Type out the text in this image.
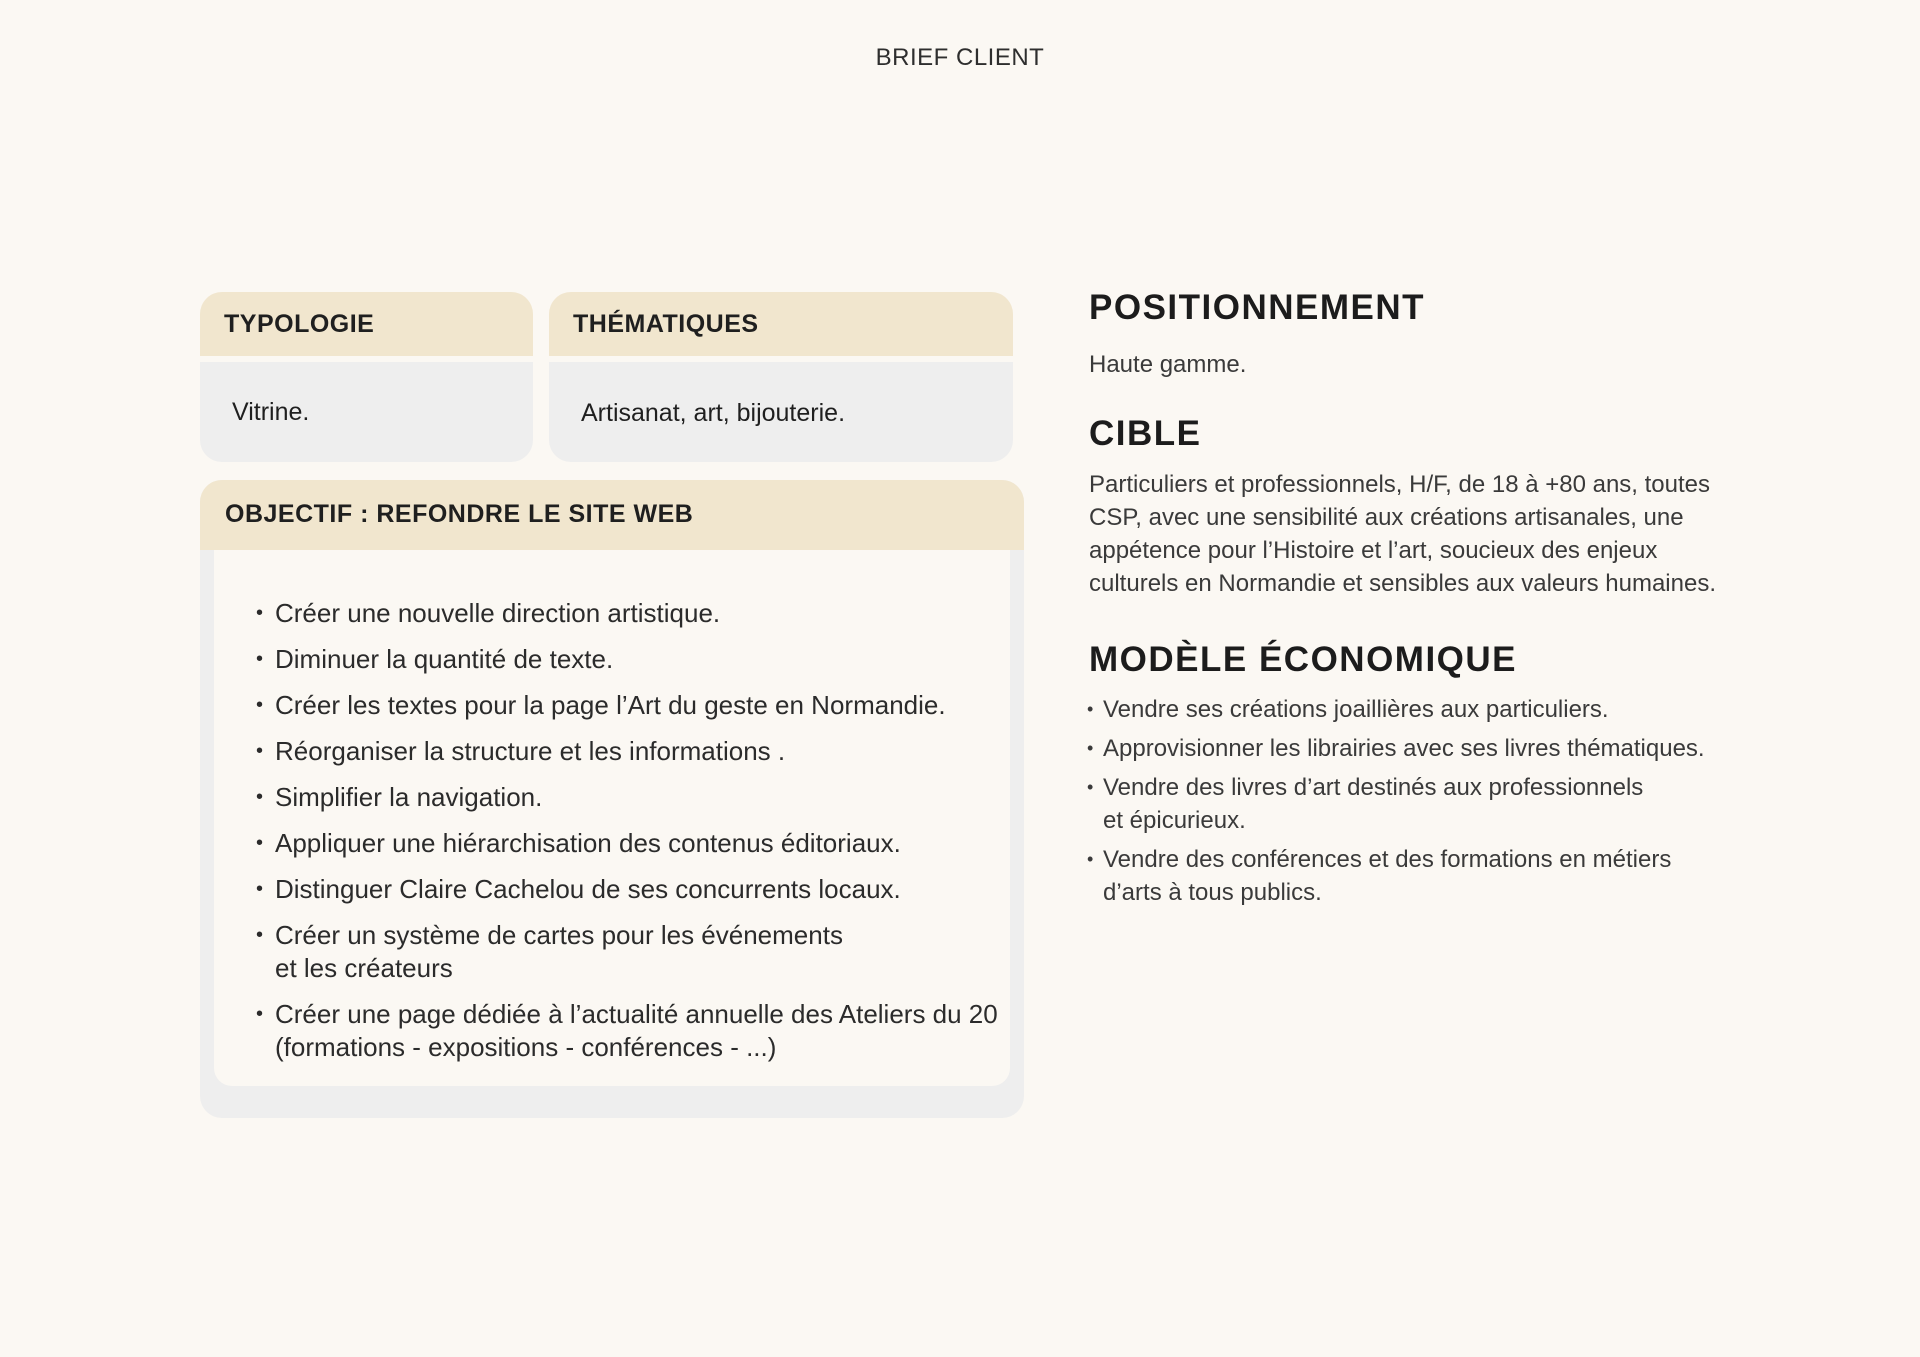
BRIEF CLIENT
TYPOLOGIE
Vitrine.
THÉMATIQUES
Artisanat, art, bijouterie.
OBJECTIF : REFONDRE LE SITE WEB
• Créer une nouvelle direction artistique.
• Diminuer la quantité de texte.
• Créer les textes pour la page l’Art du geste en Normandie.
• Réorganiser la structure et les informations .
• Simplifier la navigation.
• Appliquer une hiérarchisation des contenus éditoriaux.
• Distinguer Claire Cachelou de ses concurrents locaux.
• Créer un système de cartes pour les événements
et les créateurs
• Créer une page dédiée à l’actualité annuelle des Ateliers du 20
(formations - expositions - conférences - ...)
POSITIONNEMENT

Haute gamme.

CIBLE

Particuliers et professionnels, H/F, de 18 à +80 ans, toutes CSP, avec une sensibilité aux créations artisanales, une appétence pour l’Histoire et l’art, soucieux des enjeux culturels en Normandie et sensibles aux valeurs humaines.

MODÈLE ÉCONOMIQUE
• Vendre ses créations joaillières aux particuliers.
• Approvisionner les librairies avec ses livres thématiques.
• Vendre des livres d’art destinés aux professionnels
et épicurieux.
• Vendre des conférences et des formations en métiers
d’arts à tous publics.
